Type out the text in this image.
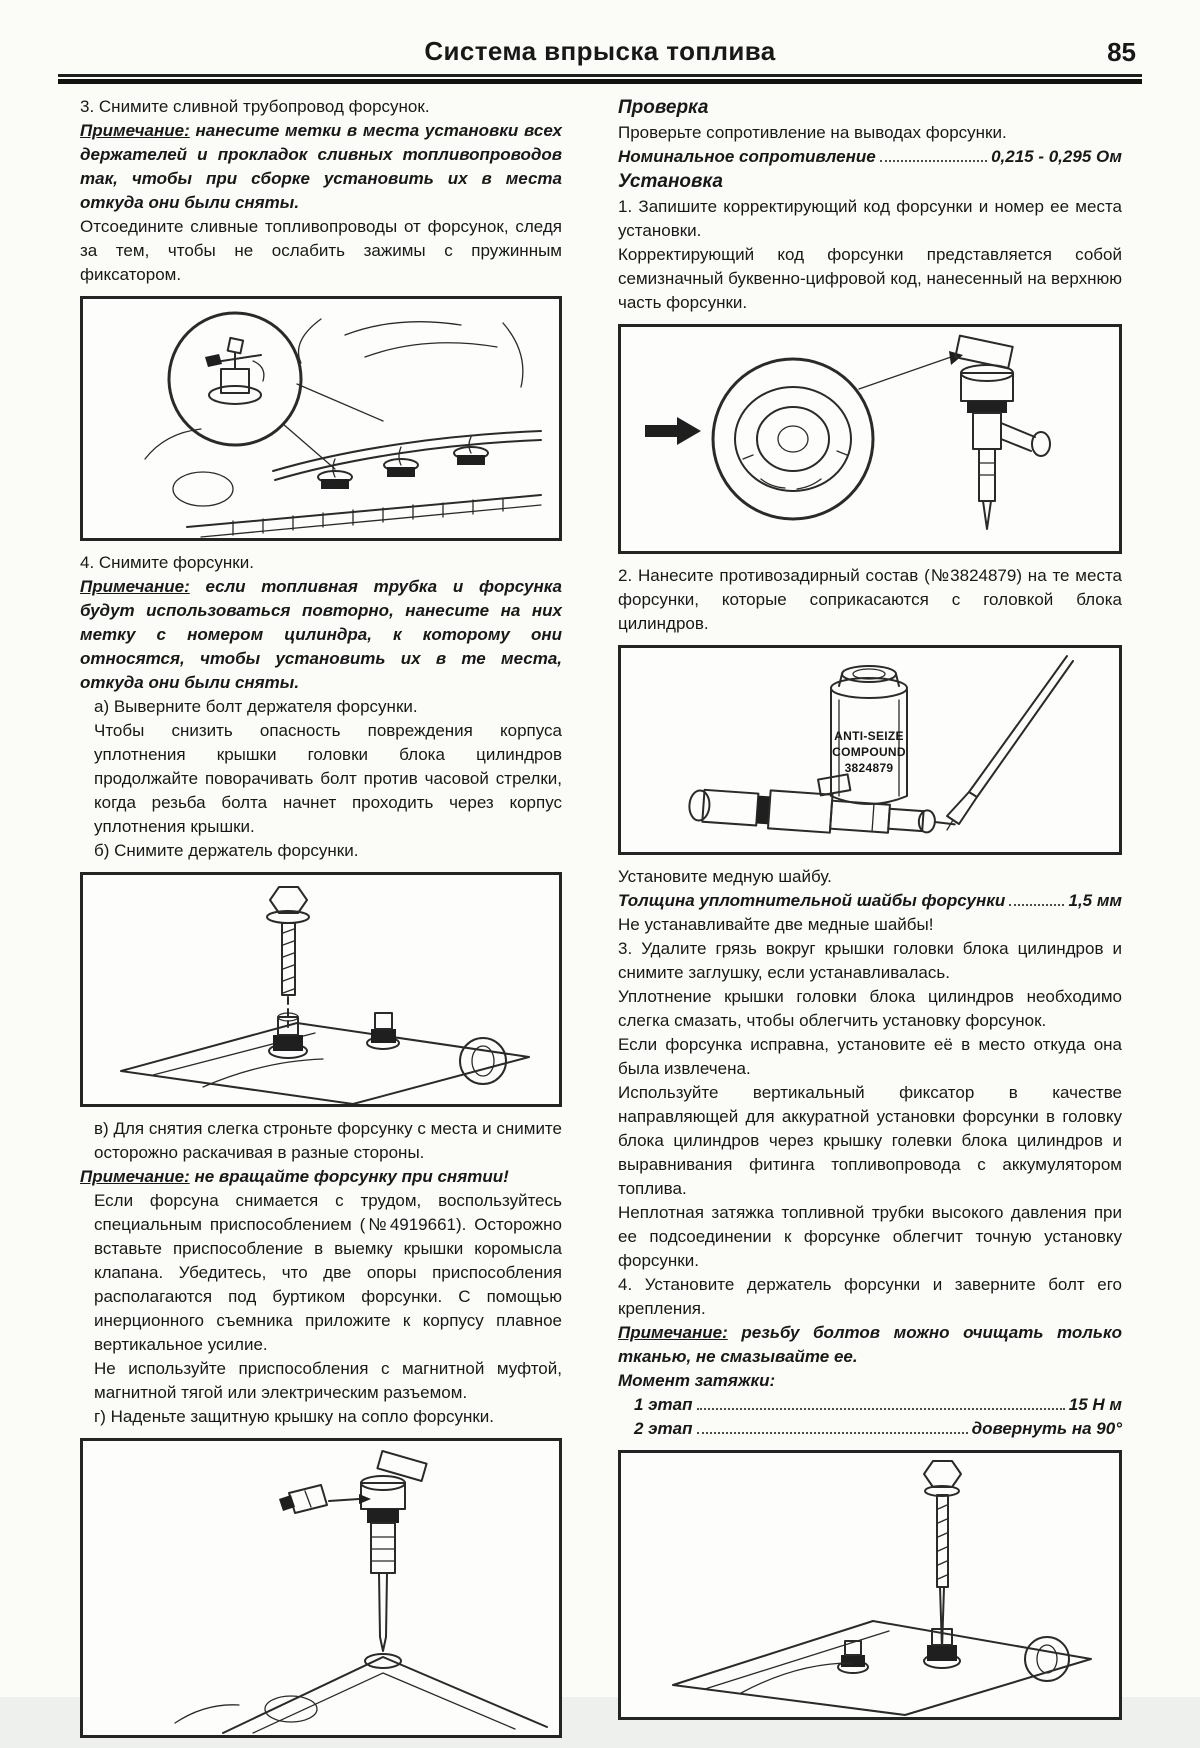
Система впрыска топлива	85

3. Снимите сливной трубопровод форсунок.

Примечание: нанесите метки в места установки всех держателей и прокладок сливных топливопроводов так, чтобы при сборке установить их в места откуда они были сняты.

Отсоедините сливные топливопроводы от форсунок, следя за тем, чтобы не ослабить зажимы с пружинным фиксатором.

4. Снимите форсунки.

Примечание: если топливная трубка и форсунка будут использоваться повторно, нанесите на них метку с номером цилиндра, к которому они относятся, чтобы установить их в те места, откуда они были сняты.

а) Выверните болт держателя форсунки.

Чтобы снизить опасность повреждения корпуса уплотнения крышки головки блока цилиндров продолжайте поворачивать болт против часовой стрелки, когда резьба болта начнет проходить через корпус уплотнения крышки.

б) Снимите держатель форсунки.

в) Для снятия слегка строньте форсунку с места и снимите осторожно раскачивая в разные стороны.

Примечание: не вращайте форсунку при снятии!

Если форсуна снимается с трудом, воспользуйтесь специальным приспособлением (№4919661). Осторожно вставьте приспособление в выемку крышки коромысла клапана. Убедитесь, что две опоры приспособления располагаются под буртиком форсунки. С помощью инерционного съемника приложите к корпусу плавное вертикальное усилие.

Не используйте приспособления с магнитной муфтой, магнитной тягой или электрическим разъемом.

г) Наденьте защитную крышку на сопло форсунки.

Проверка

Проверьте сопротивление на выводах форсунки.

Номинальное сопротивление	0,215 - 0,295 Ом

Установка

1. Запишите корректирующий код форсунки и номер ее места установки.

Корректирующий код форсунки представляется собой семизначный буквенно-цифровой код, нанесенный на верхнюю часть форсунки.

2. Нанесите противозадирный состав (№3824879) на те места форсунки, которые соприкасаются с головкой блока цилиндров.

ANTI-SEIZE
COMPOUND
3824879

Установите медную шайбу.

Толщина уплотнительной шайбы форсунки	1,5 мм

Не устанавливайте две медные шайбы!

3. Удалите грязь вокруг крышки головки блока цилиндров и снимите заглушку, если устанавливалась.

Уплотнение крышки головки блока цилиндров необходимо слегка смазать, чтобы облегчить установку форсунок.

Если форсунка исправна, установите её в место откуда она была извлечена.

Используйте вертикальный фиксатор в качестве направляющей для аккуратной установки форсунки в головку блока цилиндров через крышку голевки блока цилиндров и выравнивания фитинга топливопровода с аккумулятором топлива.

Неплотная затяжка топливной трубки высокого давления при ее подсоединении к форсунке облегчит точную установку форсунки.

4. Установите держатель форсунки и заверните болт его крепления.

Примечание: резьбу болтов можно очищать только тканью, не смазывайте ее.

Момент затяжки:

1 этап	15 Н м
2 этап	довернуть на 90°
